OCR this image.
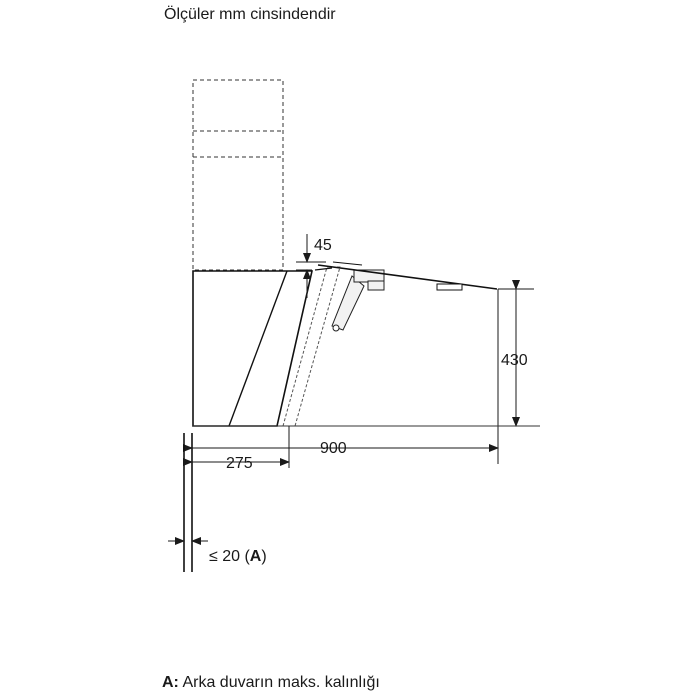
Ölçüler mm cinsindendir
45
430
900
275
≤ 20 (A)
A: Arka duvarın maks. kalınlığı
